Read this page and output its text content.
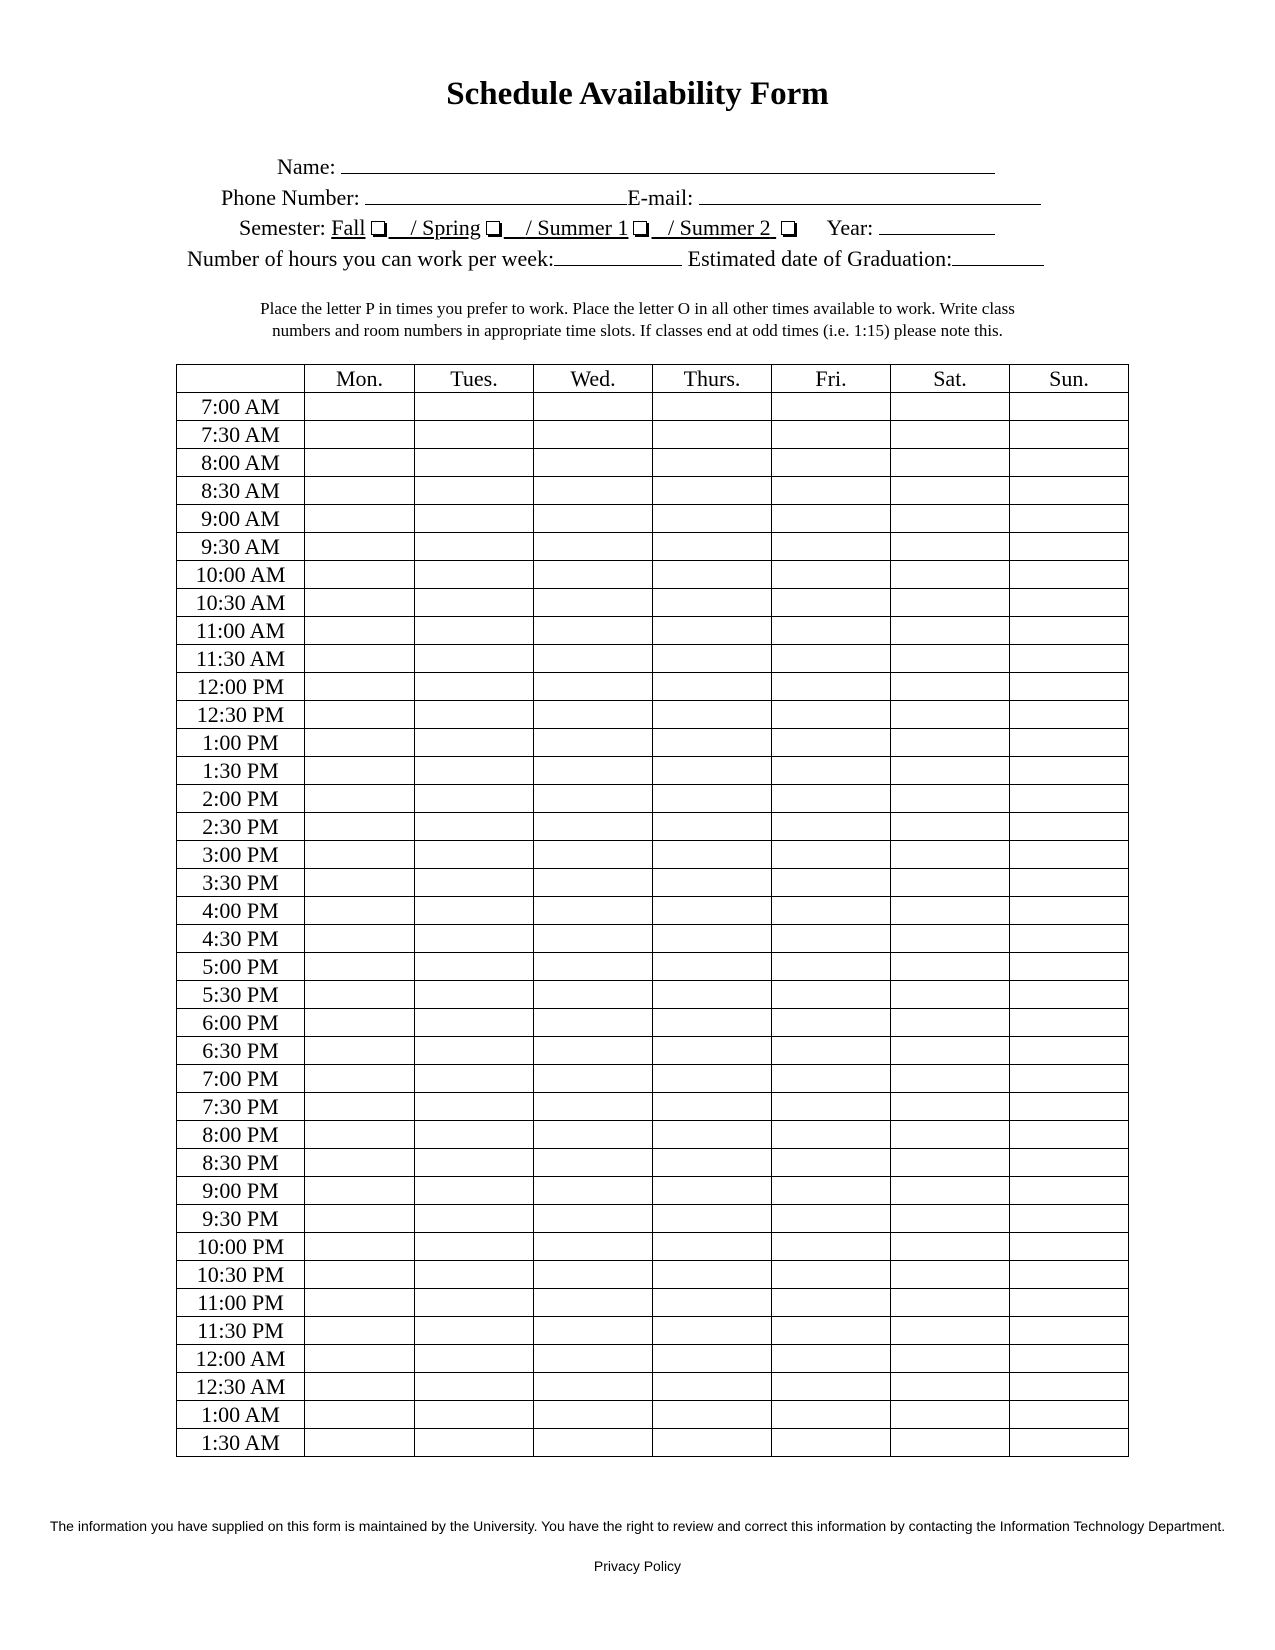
Schedule Availability Form
Name:
Phone Number:	E-mail:
Semester: Fall / Spring / Summer 1 / Summer 2	Year:
Number of hours you can work per week:	Estimated date of Graduation:
Place the letter P in times you prefer to work. Place the letter O in all other times available to work. Write class
numbers and room numbers in appropriate time slots. If classes end at odd times (i.e. 1:15) please note this.
	Mon.	Tues.	Wed.	Thurs.	Fri.	Sat.	Sun.
7:00 AM							
7:30 AM							
8:00 AM							
8:30 AM							
9:00 AM							
9:30 AM							
10:00 AM							
10:30 AM							
11:00 AM							
11:30 AM							
12:00 PM							
12:30 PM							
1:00 PM							
1:30 PM							
2:00 PM							
2:30 PM							
3:00 PM							
3:30 PM							
4:00 PM							
4:30 PM							
5:00 PM							
5:30 PM							
6:00 PM							
6:30 PM							
7:00 PM							
7:30 PM							
8:00 PM							
8:30 PM							
9:00 PM							
9:30 PM							
10:00 PM							
10:30 PM							
11:00 PM							
11:30 PM							
12:00 AM							
12:30 AM							
1:00 AM							
1:30 AM							
The information you have supplied on this form is maintained by the University. You have the right to review and correct this information by contacting the Information Technology Department.
Privacy Policy
